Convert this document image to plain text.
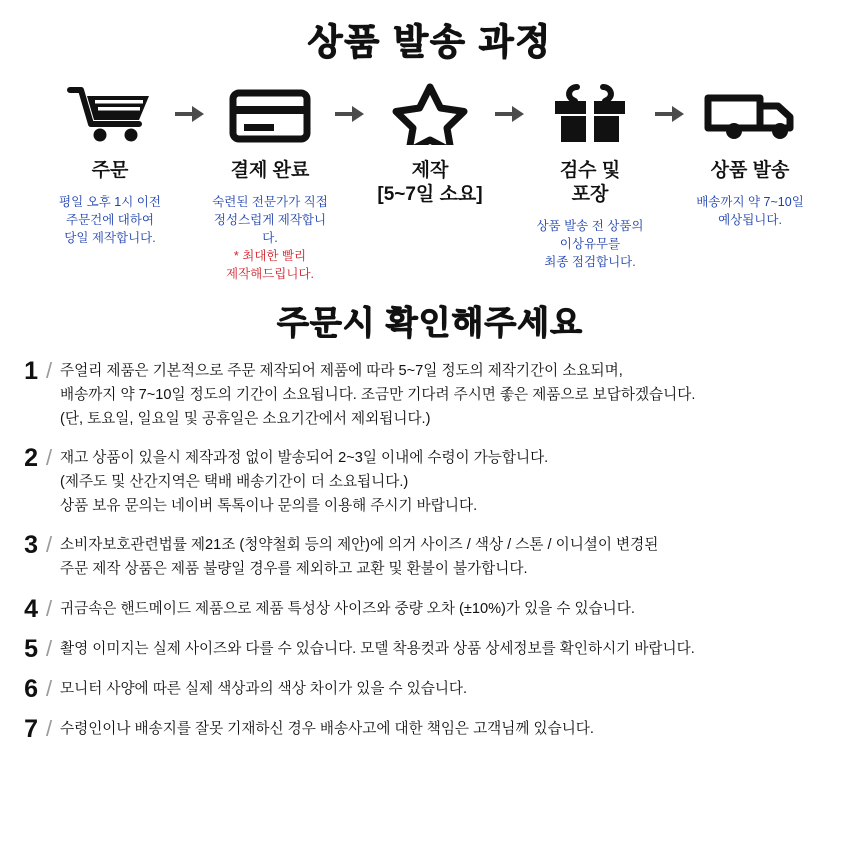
상품 발송 과정
주문
평일 오후 1시 이전
주문건에 대하여
당일 제작합니다.
결제 완료
숙련된 전문가가 직접
정성스럽게 제작합니다.
* 최대한 빨리
제작해드립니다.
제작
[5~7일 소요]
검수 및
포장
상품 발송 전 상품의
이상유무를
최종 점검합니다.
상품 발송
배송까지 약 7~10일
예상됩니다.
주문시 확인해주세요
1 / 주얼리 제품은 기본적으로 주문 제작되어 제품에 따라 5~7일 정도의 제작기간이 소요되며,
배송까지 약 7~10일 정도의 기간이 소요됩니다. 조금만 기다려 주시면 좋은 제품으로 보답하겠습니다.
(단, 토요일, 일요일 및 공휴일은 소요기간에서 제외됩니다.)
2 / 재고 상품이 있을시 제작과정 없이 발송되어 2~3일 이내에 수령이 가능합니다.
(제주도 및 산간지역은 택배 배송기간이 더 소요됩니다.)
상품 보유 문의는 네이버 톡톡이나 문의를 이용해 주시기 바랍니다.
3 / 소비자보호관련법률 제21조 (청약철회 등의 제안)에 의거 사이즈 / 색상 / 스톤 / 이니셜이 변경된
주문 제작 상품은 제품 불량일 경우를 제외하고 교환 및 환불이 불가합니다.
4 / 귀금속은 핸드메이드 제품으로 제품 특성상 사이즈와 중량 오차 (±10%)가 있을 수 있습니다.
5 / 촬영 이미지는 실제 사이즈와 다를 수 있습니다. 모델 착용컷과 상품 상세정보를 확인하시기 바랍니다.
6 / 모니터 사양에 따른 실제 색상과의 색상 차이가 있을 수 있습니다.
7 / 수령인이나 배송지를 잘못 기재하신 경우 배송사고에 대한 책임은 고객님께 있습니다.
